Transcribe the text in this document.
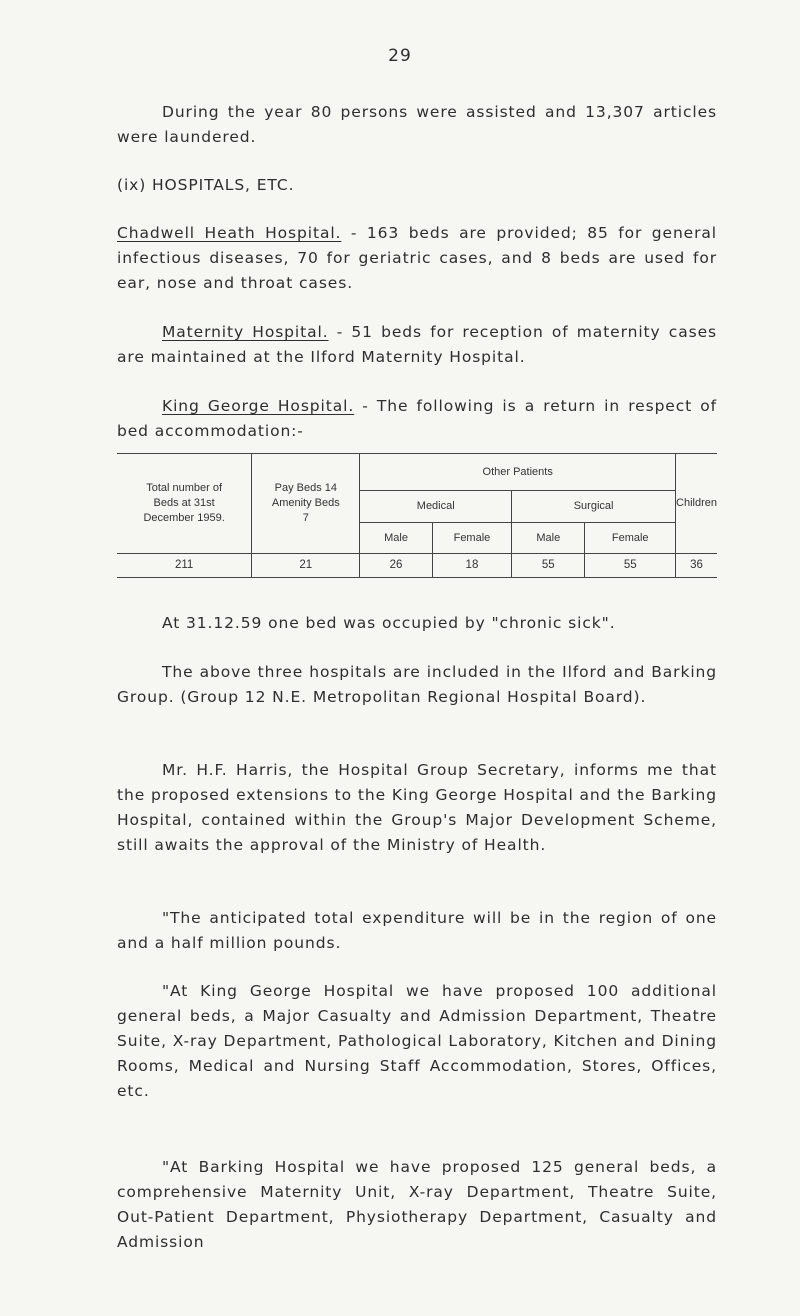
29

During the year 80 persons were assisted and 13,307 articles were laundered.

(ix) HOSPITALS, ETC.

Chadwell Heath Hospital. - 163 beds are provided; 85 for general infectious diseases, 70 for geriatric cases, and 8 beds are used for ear, nose and throat cases.

Maternity Hospital. - 51 beds for reception of maternity cases are maintained at the Ilford Maternity Hospital.

King George Hospital. - The following is a return in respect of bed accommodation:-

Total number of Beds at 31st December 1959.	Pay Beds 14 Amenity Beds 7	Other Patients				Children
		Medical		Surgical		
		Male	Female	Male	Female	
211	21	26	18	55	55	36

At 31.12.59 one bed was occupied by "chronic sick".

The above three hospitals are included in the Ilford and Barking Group. (Group 12 N.E. Metropolitan Regional Hospital Board).

Mr. H.F. Harris, the Hospital Group Secretary, informs me that the proposed extensions to the King George Hospital and the Barking Hospital, contained within the Group's Major Development Scheme, still awaits the approval of the Ministry of Health.

"The anticipated total expenditure will be in the region of one and a half million pounds.

"At King George Hospital we have proposed 100 additional general beds, a Major Casualty and Admission Department, Theatre Suite, X-ray Department, Pathological Laboratory, Kitchen and Dining Rooms, Medical and Nursing Staff Accommodation, Stores, Offices, etc.

"At Barking Hospital we have proposed 125 general beds, a comprehensive Maternity Unit, X-ray Department, Theatre Suite, Out-Patient Department, Physiotherapy Department, Casualty and Admission
